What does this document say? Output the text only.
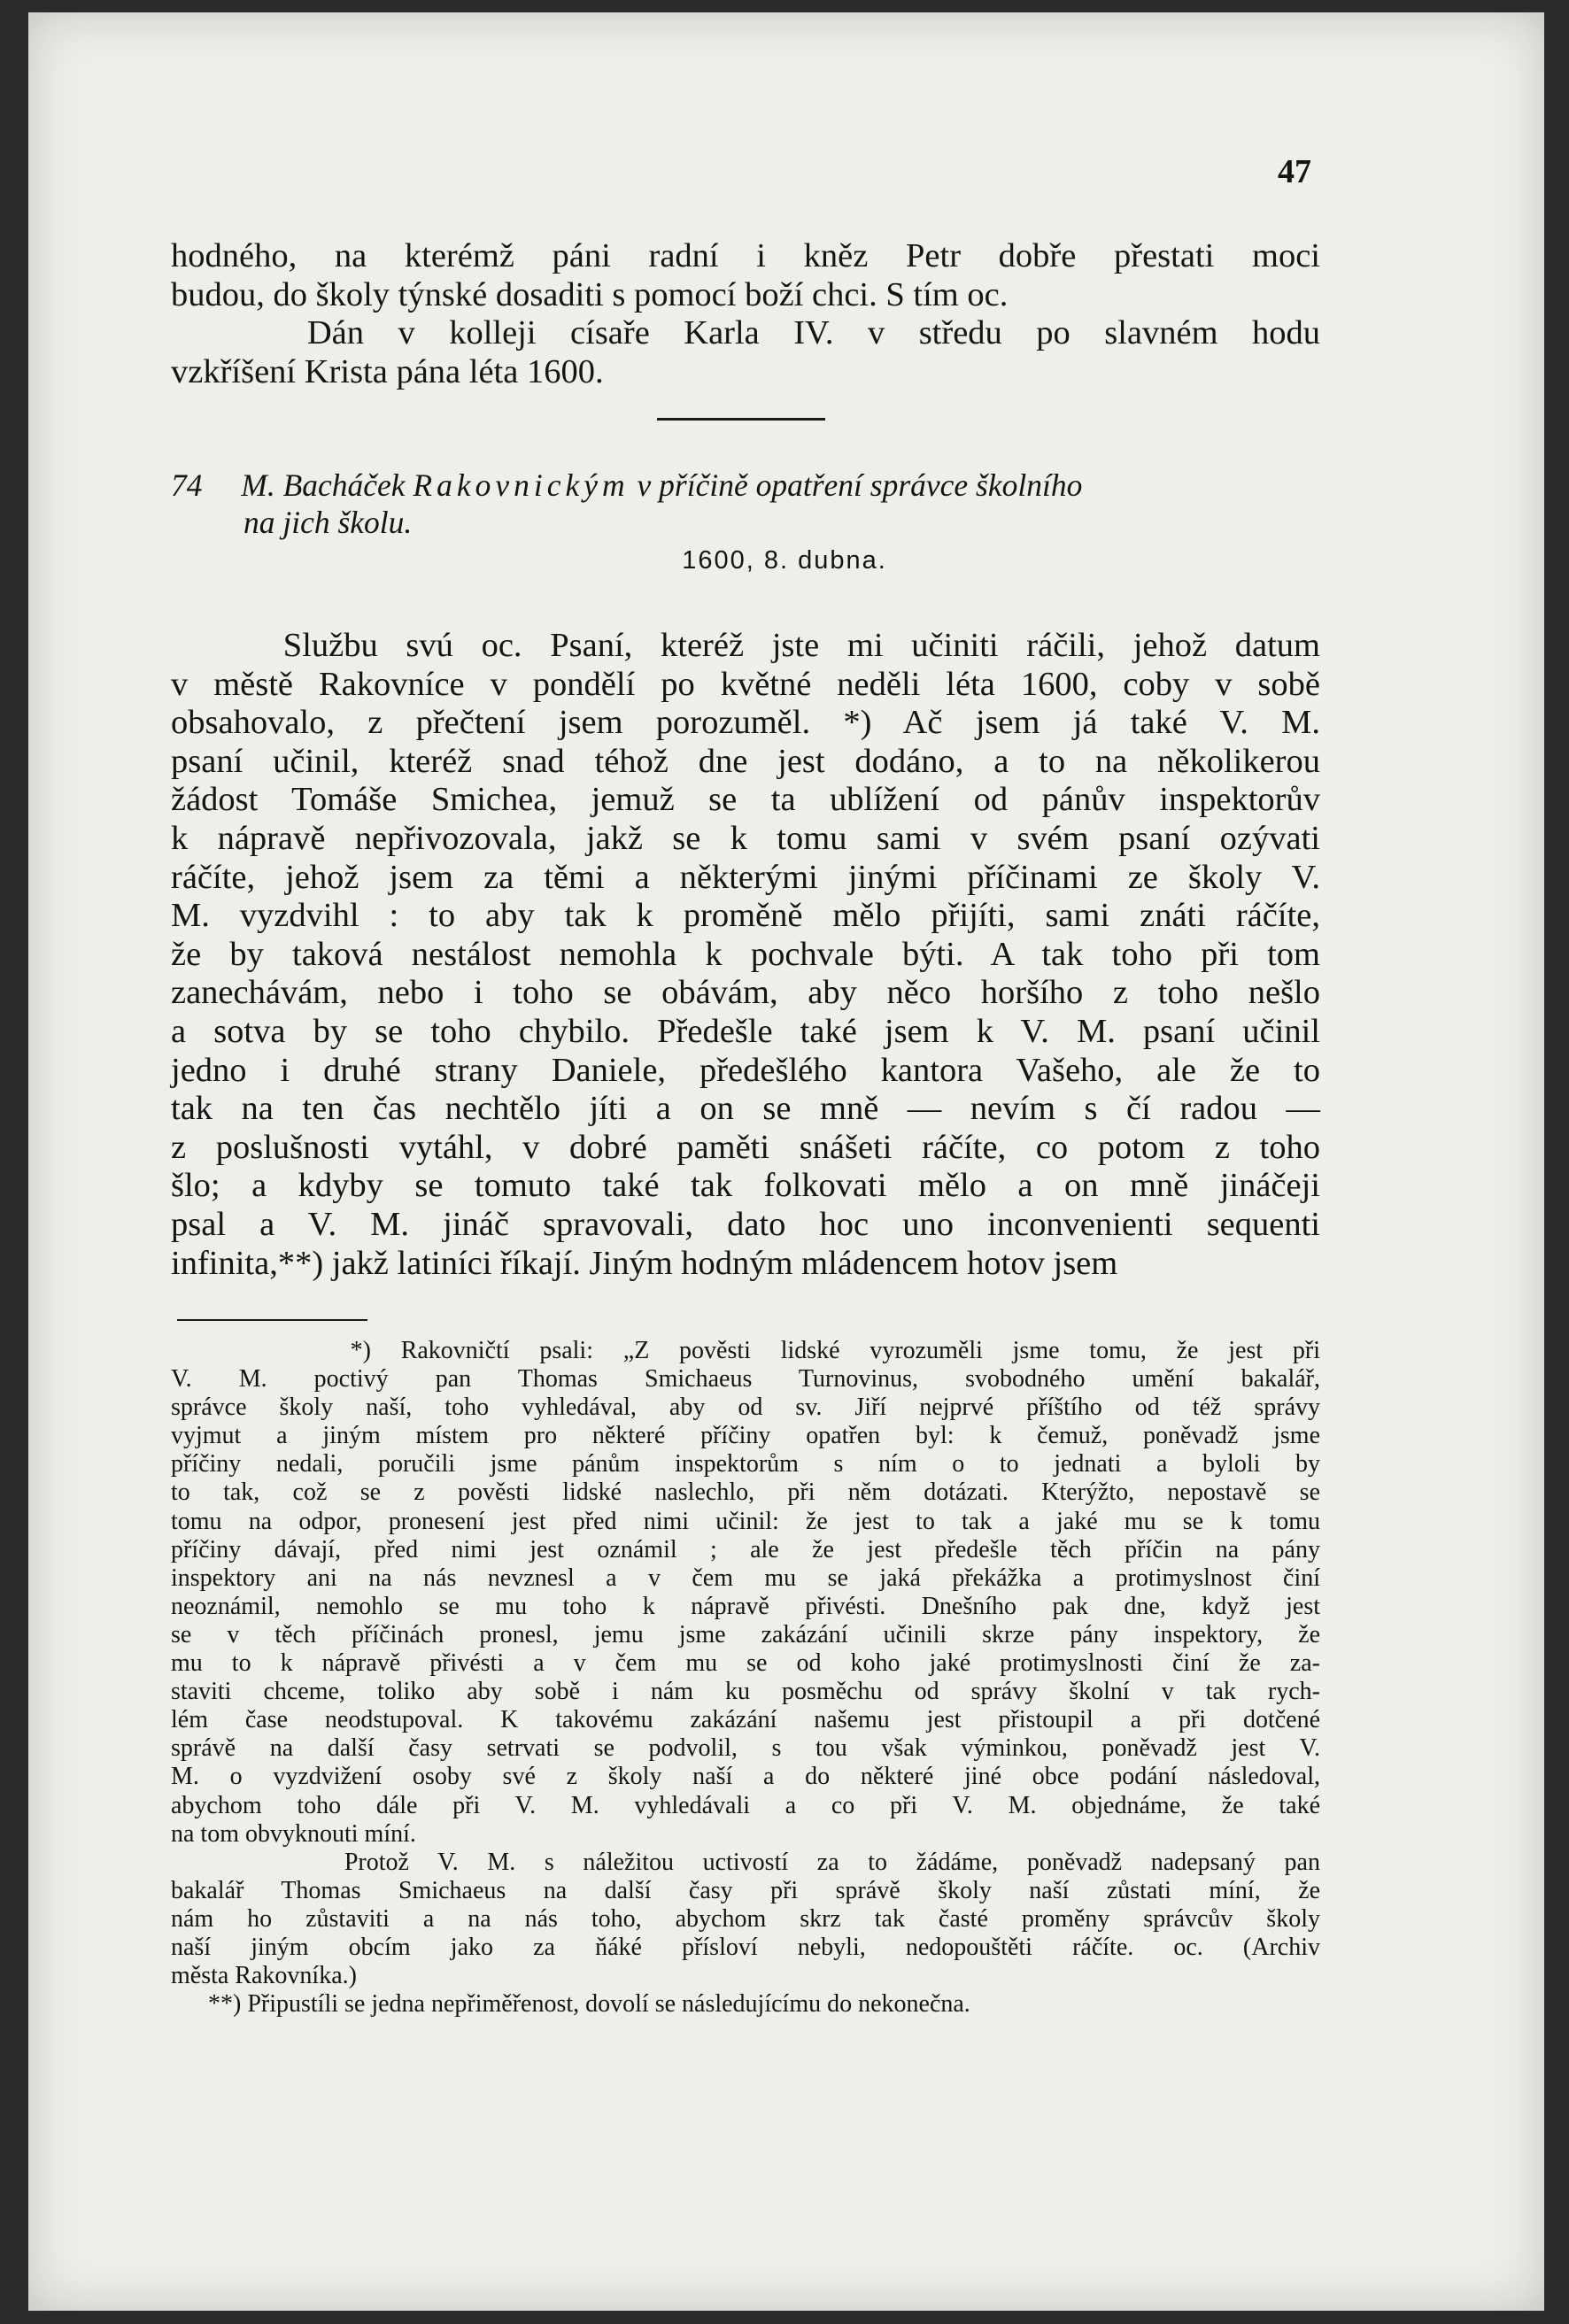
47
hodného, na kterémž páni radní i kněz Petr dobře přestati moci
budou, do školy týnské dosaditi s pomocí boží chci. S tím oc.
Dán v kolleji císaře Karla IV. v středu po slavném hodu
vzkříšení Krista pána léta 1600.
74 M. Bacháček Rakovnickým v příčině opatření správce školního
na jich školu.
1600, 8. dubna.
Službu svú oc. Psaní, kteréž jste mi učiniti ráčili, jehož datum
v městě Rakovníce v pondělí po květné neděli léta 1600, coby v sobě
obsahovalo, z přečtení jsem porozuměl. *) Ač jsem já také V. M.
psaní učinil, kteréž snad téhož dne jest dodáno, a to na několikerou
žádost Tomáše Smichea, jemuž se ta ublížení od pánův inspektorův
k nápravě nepřivozovala, jakž se k tomu sami v svém psaní ozývati
ráčíte, jehož jsem za těmi a některými jinými příčinami ze školy V.
M. vyzdvihl : to aby tak k proměně mělo přijíti, sami znáti ráčíte,
že by taková nestálost nemohla k pochvale býti. A tak toho při tom
zanechávám, nebo i toho se obávám, aby něco horšího z toho nešlo
a sotva by se toho chybilo. Předešle také jsem k V. M. psaní učinil
jedno i druhé strany Daniele, předešlého kantora Vašeho, ale že to
tak na ten čas nechtělo jíti a on se mně — nevím s čí radou —
z poslušnosti vytáhl, v dobré paměti snášeti ráčíte, co potom z toho
šlo; a kdyby se tomuto také tak folkovati mělo a on mně jináčeji
psal a V. M. jináč spravovali, dato hoc uno inconvenienti sequenti
infinita,**) jakž latiníci říkají. Jiným hodným mládencem hotov jsem
*) Rakovničtí psali: „Z pověsti lidské vyrozuměli jsme tomu, že jest při
V. M. poctivý pan Thomas Smichaeus Turnovinus, svobodného umění bakalář,
správce školy naší, toho vyhledával, aby od sv. Jiří nejprvé příštího od též správy
vyjmut a jiným místem pro některé příčiny opatřen byl: k čemuž, poněvadž jsme
příčiny nedali, poručili jsme pánům inspektorům s ním o to jednati a byloli by
to tak, což se z pověsti lidské naslechlo, při něm dotázati. Kterýžto, nepostavě se
tomu na odpor, pronesení jest před nimi učinil: že jest to tak a jaké mu se k tomu
příčiny dávají, před nimi jest oznámil ; ale že jest předešle těch příčin na pány
inspektory ani na nás nevznesl a v čem mu se jaká překážka a protimyslnost činí
neoznámil, nemohlo se mu toho k nápravě přivésti. Dnešního pak dne, když jest
se v těch příčinách pronesl, jemu jsme zakázání učinili skrze pány inspektory, že
mu to k nápravě přivésti a v čem mu se od koho jaké protimyslnosti činí že za-
staviti chceme, toliko aby sobě i nám ku posměchu od správy školní v tak rych-
lém čase neodstupoval. K takovému zakázání našemu jest přistoupil a při dotčené
správě na další časy setrvati se podvolil, s tou však výminkou, poněvadž jest V.
M. o vyzdvižení osoby své z školy naší a do některé jiné obce podání následoval,
abychom toho dále při V. M. vyhledávali a co při V. M. objednáme, že také
na tom obvyknouti míní.
Protož V. M. s náležitou uctivostí za to žádáme, poněvadž nadepsaný pan
bakalář Thomas Smichaeus na další časy při správě školy naší zůstati míní, že
nám ho zůstaviti a na nás toho, abychom skrz tak časté proměny správcův školy
naší jiným obcím jako za ňáké přísloví nebyli, nedopouštěti ráčíte. oc. (Archiv
města Rakovníka.)
**) Připustíli se jedna nepřiměřenost, dovolí se následujícímu do nekonečna.
